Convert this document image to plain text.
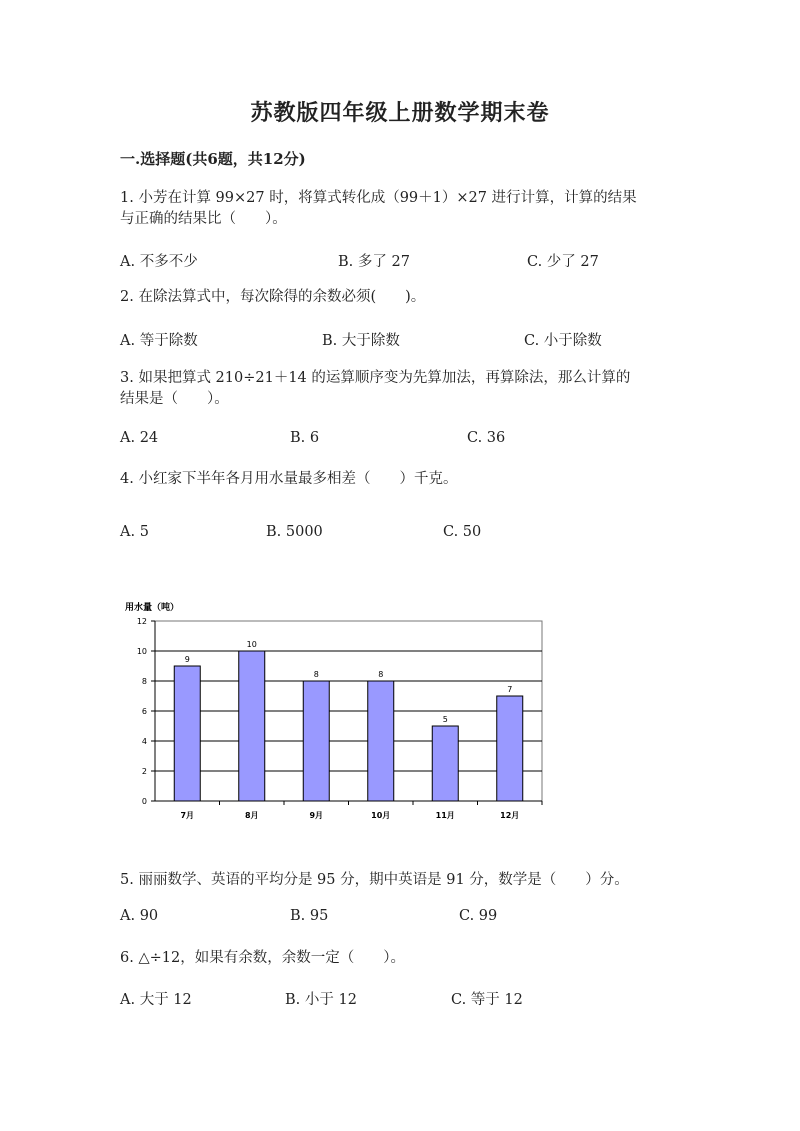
苏教版四年级上册数学期末卷
一.选择题(共6题，共12分)
1. 小芳在计算 99×27 时，将算式转化成（99＋1）×27 进行计算，计算的结果
与正确的结果比（　　）。
A. 不多不少	B. 多了 27	C. 少了 27
2. 在除法算式中，每次除得的余数必须(　　)。
A. 等于除数	B. 大于除数	C. 小于除数
3. 如果把算式 210÷21＋14 的运算顺序变为先算加法，再算除法，那么计算的
结果是（　　）。
A. 24	B. 6	C. 36
4. 小红家下半年各月用水量最多相差（　　）千克。
A. 5	B. 5000	C. 50
用水量（吨）
0
2
4
6
8
10
12
9
7月
10
8月
8
9月
8
10月
5
11月
7
12月
5. 丽丽数学、英语的平均分是 95 分，期中英语是 91 分，数学是（　　）分。
A. 90	B. 95	C. 99
6. △÷12，如果有余数，余数一定（　　）。
A. 大于 12	B. 小于 12	C. 等于 12
